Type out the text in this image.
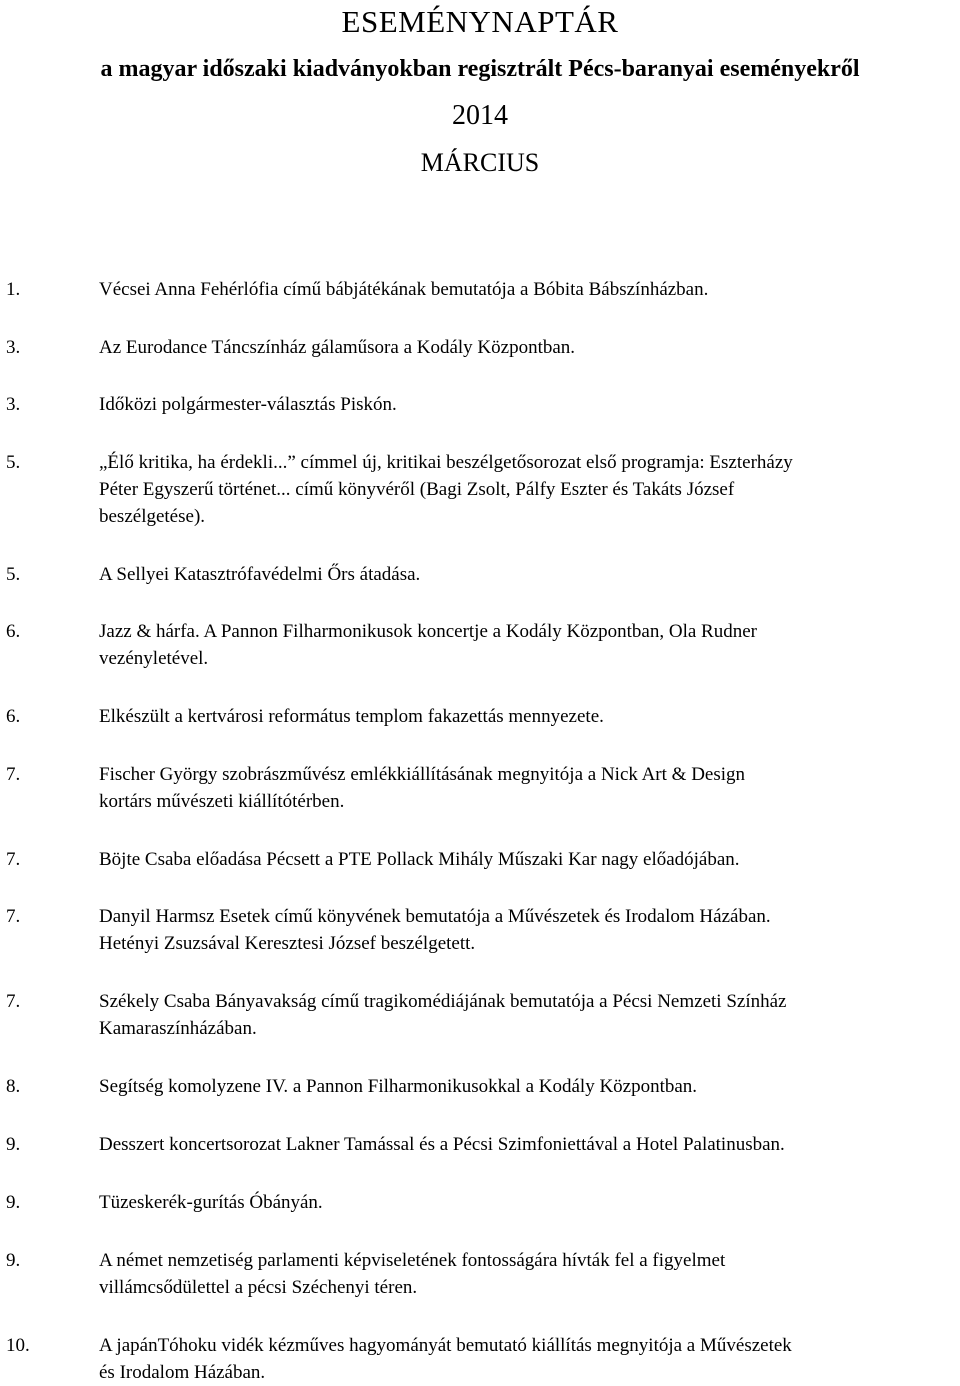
ESEMÉNYNAPTÁR
a magyar időszaki kiadványokban regisztrált Pécs-baranyai eseményekről
2014
MÁRCIUS
1.	Vécsei Anna Fehérlófia című bábjátékának bemutatója a Bóbita Bábszínházban.
3.	Az Eurodance Táncszínház gálaműsora a Kodály Központban.
3.	Időközi polgármester-választás Piskón.
5.	„Élő kritika, ha érdekli...” címmel új, kritikai beszélgetősorozat első programja: Eszterházy
Péter Egyszerű történet... című könyvéről (Bagi Zsolt, Pálfy Eszter és Takáts József
beszélgetése).
5.	A Sellyei Katasztrófavédelmi Őrs átadása.
6.	Jazz & hárfa. A Pannon Filharmonikusok koncertje a Kodály Központban, Ola Rudner
vezényletével.
6.	Elkészült a kertvárosi református templom fakazettás mennyezete.
7.	Fischer György szobrászművész emlékkiállításának megnyitója a Nick Art & Design
kortárs művészeti kiállítótérben.
7.	Böjte Csaba előadása Pécsett a PTE Pollack Mihály Műszaki Kar nagy előadójában.
7.	Danyil Harmsz Esetek című könyvének bemutatója a Művészetek és Irodalom Házában.
Hetényi Zsuzsával Keresztesi József beszélgetett.
7.	Székely Csaba Bányavakság című tragikomédiájának bemutatója a Pécsi Nemzeti Színház
Kamaraszínházában.
8.	Segítség komolyzene IV. a Pannon Filharmonikusokkal a Kodály Központban.
9.	Desszert koncertsorozat Lakner Tamással és a Pécsi Szimfoniettával a Hotel Palatinusban.
9.	Tüzeskerék-gurítás Óbányán.
9.	A német nemzetiség parlamenti képviseletének fontosságára hívták fel a figyelmet
villámcsődülettel a pécsi Széchenyi téren.
10.	A japánTóhoku vidék kézműves hagyományát bemutató kiállítás megnyitója a Művészetek
és Irodalom Házában.
